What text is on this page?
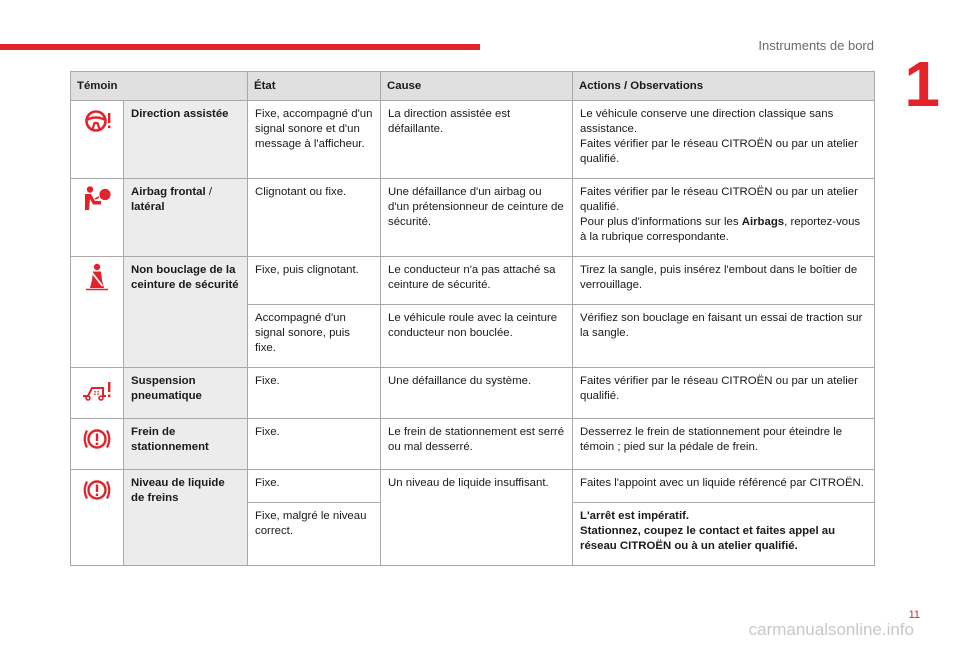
Instruments de bord
1
Témoin		État	Cause	Actions / Observations

	Direction assistée	Fixe, accompagné d'un signal sonore et d'un message à l'afficheur.	La direction assistée est défaillante.	Le véhicule conserve une direction classique sans assistance.
Faites vérifier par le réseau CITROËN ou par un atelier qualifié.

	Airbag frontal / latéral	Clignotant ou fixe.	Une défaillance d'un airbag ou d'un prétensionneur de ceinture de sécurité.	Faites vérifier par le réseau CITROËN ou par un atelier qualifié.
Pour plus d'informations sur les Airbags, reportez-vous à la rubrique correspondante.

	Non bouclage de la ceinture de sécurité	Fixe, puis clignotant.	Le conducteur n'a pas attaché sa ceinture de sécurité.	Tirez la sangle, puis insérez l'embout dans le boîtier de verrouillage.
		Accompagné d'un signal sonore, puis fixe.	Le véhicule roule avec la ceinture conducteur non bouclée.	Vérifiez son bouclage en faisant un essai de traction sur la sangle.

	Suspension pneumatique	Fixe.	Une défaillance du système.	Faites vérifier par le réseau CITROËN ou par un atelier qualifié.

	Frein de stationnement	Fixe.	Le frein de stationnement est serré ou mal desserré.	Desserrez le frein de stationnement pour éteindre le témoin ; pied sur la pédale de frein.

	Niveau de liquide de freins	Fixe.	Un niveau de liquide insuffisant.	Faites l'appoint avec un liquide référencé par CITROËN.
		Fixe, malgré le niveau correct.		L'arrêt est impératif.
Stationnez, coupez le contact et faites appel au réseau CITROËN ou à un atelier qualifié.
11
carmanualsonline.info
